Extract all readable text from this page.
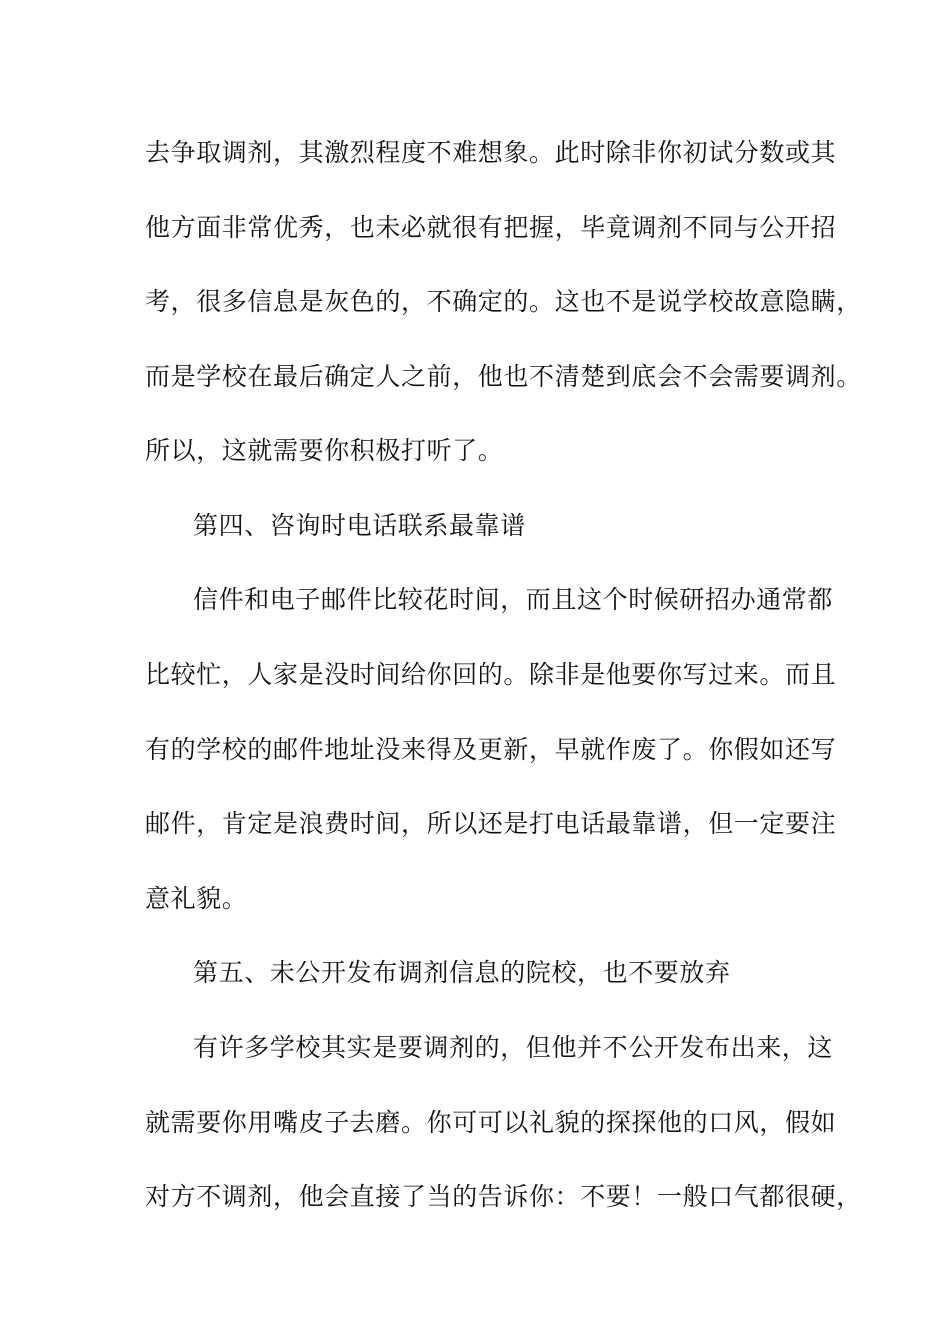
去争取调剂，其激烈程度不难想象。此时除非你初试分数或其
他方面非常优秀，也未必就很有把握，毕竟调剂不同与公开招
考，很多信息是灰色的，不确定的。这也不是说学校故意隐瞒，
而是学校在最后确定人之前，他也不清楚到底会不会需要调剂。
所以，这就需要你积极打听了。
第四、咨询时电话联系最靠谱
信件和电子邮件比较花时间，而且这个时候研招办通常都
比较忙，人家是没时间给你回的。除非是他要你写过来。而且
有的学校的邮件地址没来得及更新，早就作废了。你假如还写
邮件，肯定是浪费时间，所以还是打电话最靠谱，但一定要注
意礼貌。
第五、未公开发布调剂信息的院校，也不要放弃
有许多学校其实是要调剂的，但他并不公开发布出来，这
就需要你用嘴皮子去磨。你可可以礼貌的探探他的口风，假如
对方不调剂，他会直接了当的告诉你：不要！一般口气都很硬，
